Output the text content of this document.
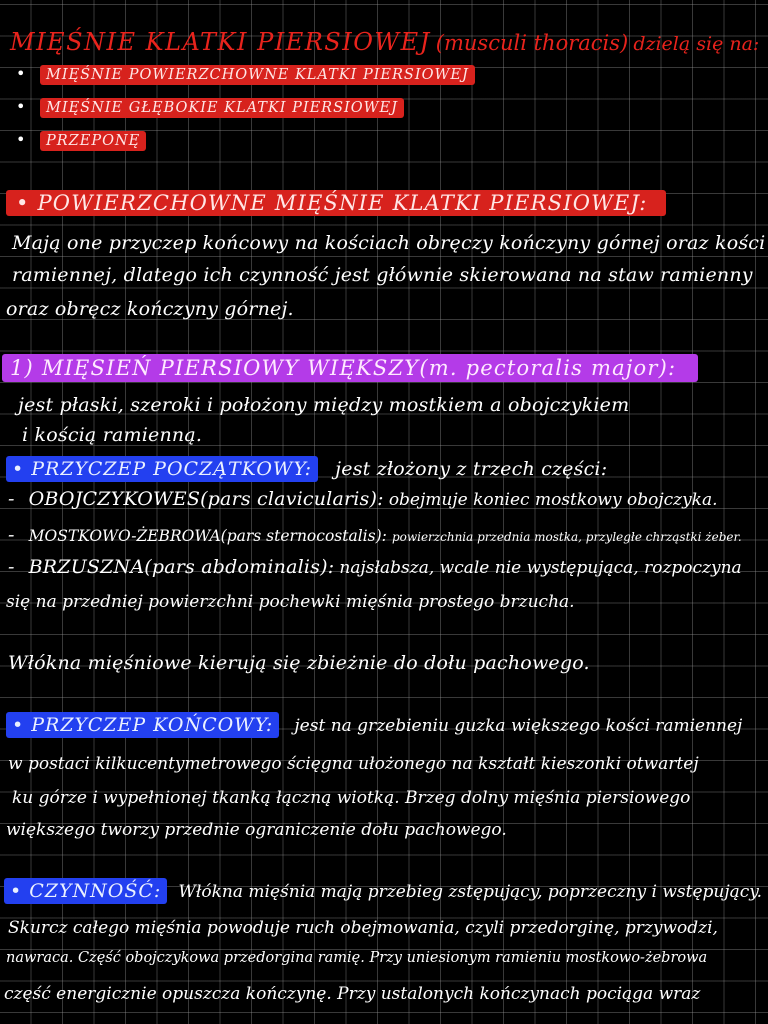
MIĘŚNIE KLATKI PIERSIOWEJ (musculi thoracis) dzielą się na:
• MIĘŚNIE POWIERZCHOWNE KLATKI PIERSIOWEJ
• MIĘŚNIE GŁĘBOKIE KLATKI PIERSIOWEJ
• PRZEPONĘ
• POWIERZCHOWNE MIĘŚNIE KLATKI PIERSIOWEJ:
Mają one przyczep końcowy na kościach obręczy kończyny górnej oraz kości
ramiennej, dlatego ich czynność jest głównie skierowana na staw ramienny
oraz obręcz kończyny górnej.
1) MIĘSIEŃ PIERSIOWY WIĘKSZY(m. pectoralis major):
jest płaski, szeroki i położony między mostkiem a obojczykiem
i kością ramienną.
• PRZYCZEP POCZĄTKOWY: jest złożony z trzech części:
- OBOJCZYKOWES(pars clavicularis): obejmuje koniec mostkowy obojczyka.
- MOSTKOWO-ŻEBROWA(pars sternocostalis): powierzchnia przednia mostka, przyległe chrząstki żeber.
- BRZUSZNA(pars abdominalis): najsłabsza, wcale nie występująca, rozpoczyna
się na przedniej powierzchni pochewki mięśnia prostego brzucha.
Włókna mięśniowe kierują się zbieżnie do dołu pachowego.
• PRZYCZEP KOŃCOWY: jest na grzebieniu guzka większego kości ramiennej
w postaci kilkucentymetrowego ścięgna ułożonego na kształt kieszonki otwartej
ku górze i wypełnionej tkanką łączną wiotką. Brzeg dolny mięśnia piersiowego
większego tworzy przednie ograniczenie dołu pachowego.
• CZYNNOŚĆ: Włókna mięśnia mają przebieg zstępujący, poprzeczny i wstępujący.
Skurcz całego mięśnia powoduje ruch obejmowania, czyli przedorginę, przywodzi,
nawraca. Część obojczykowa przedorgina ramię. Przy uniesionym ramieniu mostkowo-żebrowa
część energicznie opuszcza kończynę. Przy ustalonych kończynach pociąga wraz
